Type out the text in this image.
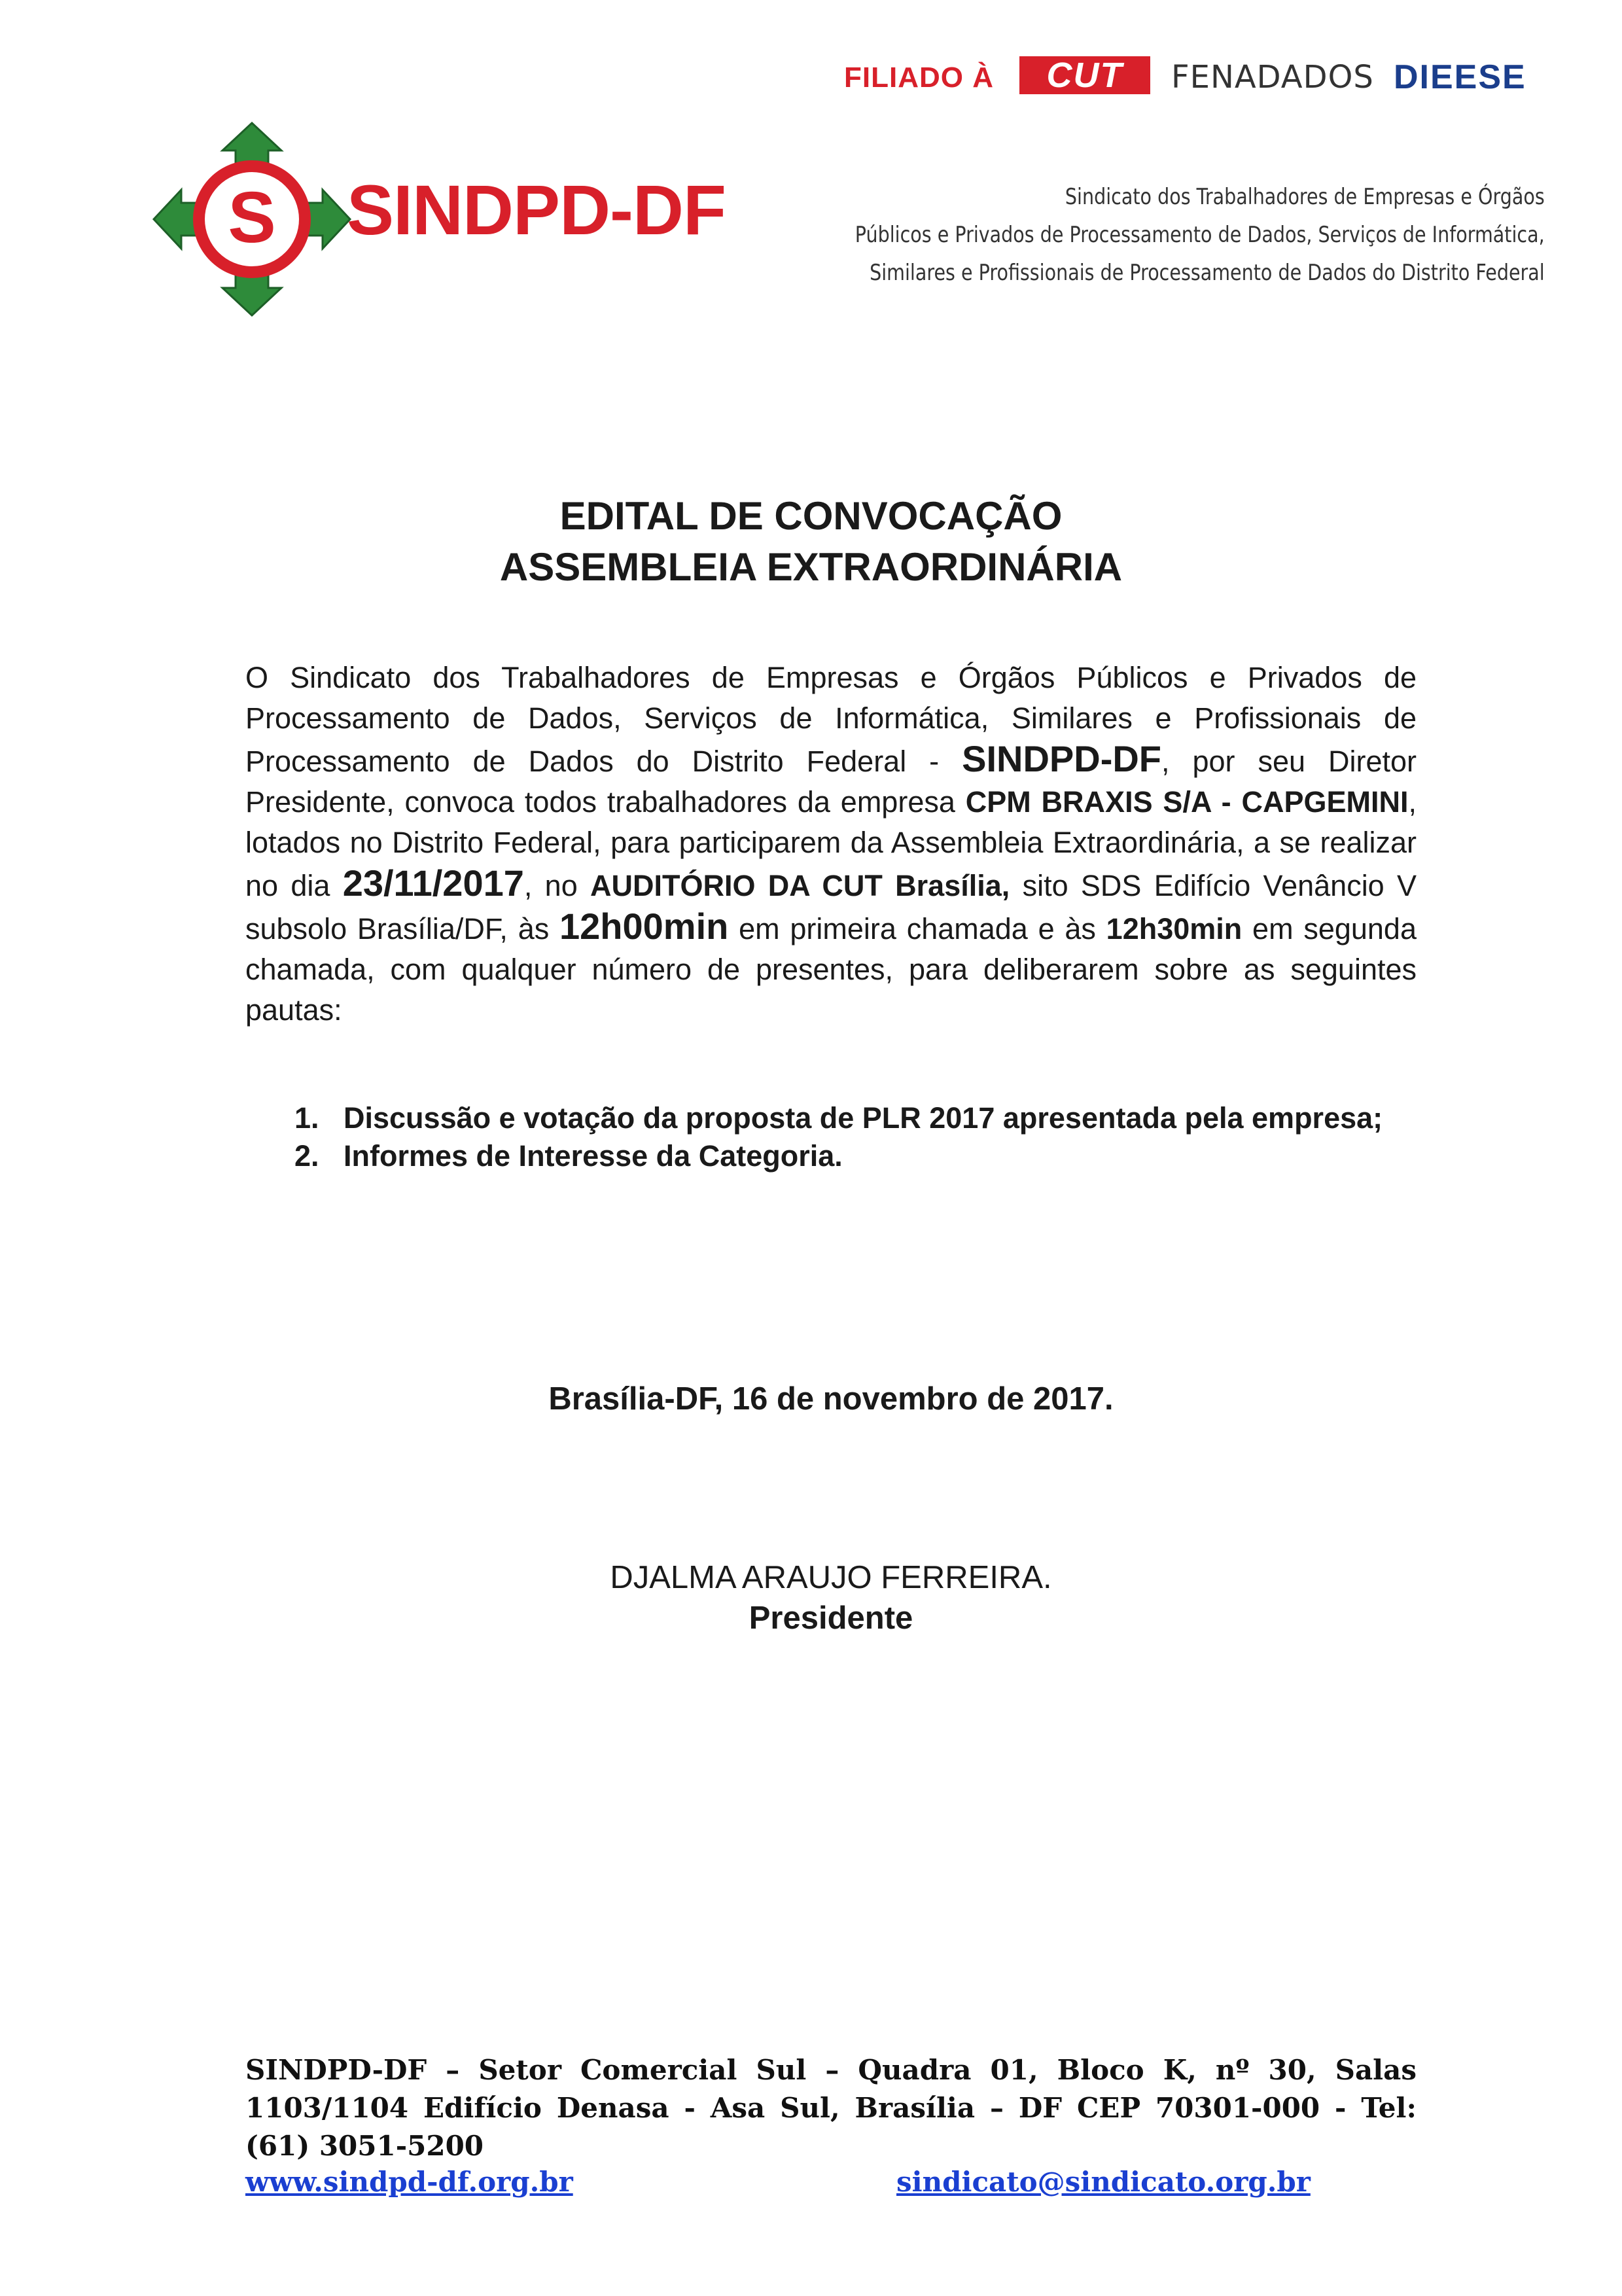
FILIADO À	CUT	FENADADOS DIEESE
S SINDPD-DF	Sindicato dos Trabalhadores de Empresas e Órgãos
Públicos e Privados de Processamento de Dados, Serviços de Informática,
Similares e Profissionais de Processamento de Dados do Distrito Federal
EDITAL DE CONVOCAÇÃO
ASSEMBLEIA EXTRAORDINÁRIA
O Sindicato dos Trabalhadores de Empresas e Órgãos Públicos e Privados de Processamento de Dados, Serviços de Informática, Similares e Profissionais de Processamento de Dados do Distrito Federal - SINDPD-DF, por seu Diretor Presidente, convoca todos trabalhadores da empresa CPM BRAXIS S/A - CAPGEMINI, lotados no Distrito Federal, para participarem da Assembleia Extraordinária, a se realizar no dia 23/11/2017, no AUDITÓRIO DA CUT Brasília, sito SDS Edifício Venâncio V subsolo Brasília/DF, às 12h00min em primeira chamada e às 12h30min em segunda chamada, com qualquer número de presentes, para deliberarem sobre as seguintes pautas:
1. Discussão e votação da proposta de PLR 2017 apresentada pela empresa;
2. Informes de Interesse da Categoria.
Brasília-DF, 16 de novembro de 2017.
DJALMA ARAUJO FERREIRA.
Presidente
SINDPD-DF – Setor Comercial Sul – Quadra 01, Bloco K, nº 30, Salas 1103/1104 Edifício Denasa - Asa Sul, Brasília – DF CEP 70301-000 - Tel: (61) 3051-5200
www.sindpd-df.org.br	sindicato@sindicato.org.br
